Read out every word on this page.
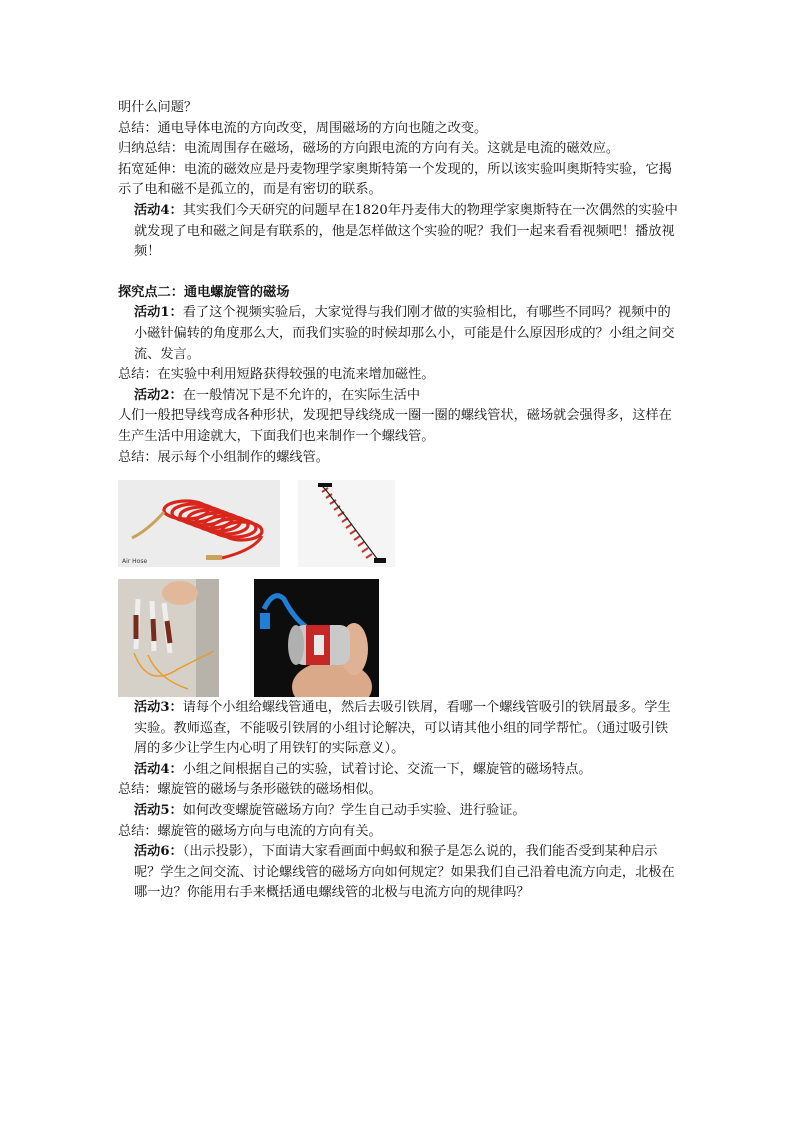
明什么问题？

总结：通电导体电流的方向改变，周围磁场的方向也随之改变。

归纳总结：电流周围存在磁场，磁场的方向跟电流的方向有关。这就是电流的磁效应。

拓宽延伸：电流的磁效应是丹麦物理学家奥斯特第一个发现的，所以该实验叫奥斯特实验，它揭示了电和磁不是孤立的，而是有密切的联系。

活动4：其实我们今天研究的问题早在1820年丹麦伟大的物理学家奥斯特在一次偶然的实验中就发现了电和磁之间是有联系的，他是怎样做这个实验的呢？我们一起来看看视频吧！播放视频！

探究点二：通电螺旋管的磁场

活动1：看了这个视频实验后，大家觉得与我们刚才做的实验相比，有哪些不同吗？视频中的小磁针偏转的角度那么大，而我们实验的时候却那么小，可能是什么原因形成的？小组之间交流、发言。

总结：在实验中利用短路获得较强的电流来增加磁性。

活动2：在一般情况下是不允许的，在实际生活中

人们一般把导线弯成各种形状，发现把导线绕成一圈一圈的螺线管状，磁场就会强得多，这样在生产生活中用途就大，下面我们也来制作一个螺线管。

总结：展示每个小组制作的螺线管。

Air Hose

活动3：请每个小组给螺线管通电，然后去吸引铁屑，看哪一个螺线管吸引的铁屑最多。学生实验。教师巡查，不能吸引铁屑的小组讨论解决，可以请其他小组的同学帮忙。（通过吸引铁屑的多少让学生内心明了用铁钉的实际意义）。

活动4：小组之间根据自己的实验，试着讨论、交流一下，螺旋管的磁场特点。

总结：螺旋管的磁场与条形磁铁的磁场相似。

活动5：如何改变螺旋管磁场方向？学生自己动手实验、进行验证。

总结：螺旋管的磁场方向与电流的方向有关。

活动6：（出示投影），下面请大家看画面中蚂蚁和猴子是怎么说的，我们能否受到某种启示呢？学生之间交流、讨论螺线管的磁场方向如何规定？如果我们自己沿着电流方向走，北极在哪一边？你能用右手来概括通电螺线管的北极与电流方向的规律吗？
